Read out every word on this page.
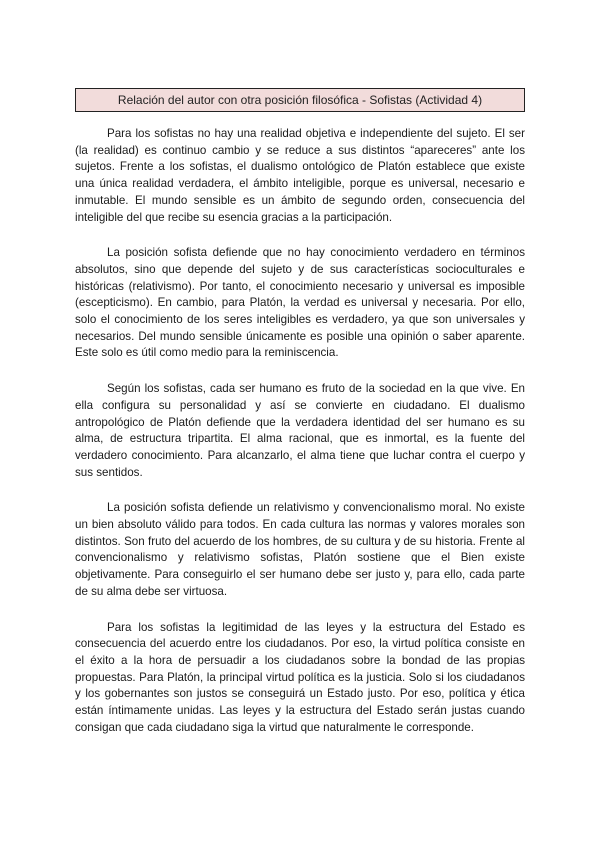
Relación del autor con otra posición filosófica - Sofistas (Actividad 4)

Para los sofistas no hay una realidad objetiva e independiente del sujeto. El ser (la realidad) es continuo cambio y se reduce a sus distintos “apareceres” ante los sujetos. Frente a los sofistas, el dualismo ontológico de Platón establece que existe una única realidad verdadera, el ámbito inteligible, porque es universal, necesario e inmutable. El mundo sensible es un ámbito de segundo orden, consecuencia del inteligible del que recibe su esencia gracias a la participación.

La posición sofista defiende que no hay conocimiento verdadero en términos absolutos, sino que depende del sujeto y de sus características socioculturales e históricas (relativismo). Por tanto, el conocimiento necesario y universal es imposible (escepticismo). En cambio, para Platón, la verdad es universal y necesaria. Por ello, solo el conocimiento de los seres inteligibles es verdadero, ya que son universales y necesarios. Del mundo sensible únicamente es posible una opinión o saber aparente. Este solo es útil como medio para la reminiscencia.

Según los sofistas, cada ser humano es fruto de la sociedad en la que vive. En ella configura su personalidad y así se convierte en ciudadano. El dualismo antropológico de Platón defiende que la verdadera identidad del ser humano es su alma, de estructura tripartita. El alma racional, que es inmortal, es la fuente del verdadero conocimiento. Para alcanzarlo, el alma tiene que luchar contra el cuerpo y sus sentidos.

La posición sofista defiende un relativismo y convencionalismo moral. No existe un bien absoluto válido para todos. En cada cultura las normas y valores morales son distintos. Son fruto del acuerdo de los hombres, de su cultura y de su historia. Frente al convencionalismo y relativismo sofistas, Platón sostiene que el Bien existe objetivamente. Para conseguirlo el ser humano debe ser justo y, para ello, cada parte de su alma debe ser virtuosa.

Para los sofistas la legitimidad de las leyes y la estructura del Estado es consecuencia del acuerdo entre los ciudadanos. Por eso, la virtud política consiste en el éxito a la hora de persuadir a los ciudadanos sobre la bondad de las propias propuestas. Para Platón, la principal virtud política es la justicia. Solo si los ciudadanos y los gobernantes son justos se conseguirá un Estado justo. Por eso, política y ética están íntimamente unidas. Las leyes y la estructura del Estado serán justas cuando consigan que cada ciudadano siga la virtud que naturalmente le corresponde.
